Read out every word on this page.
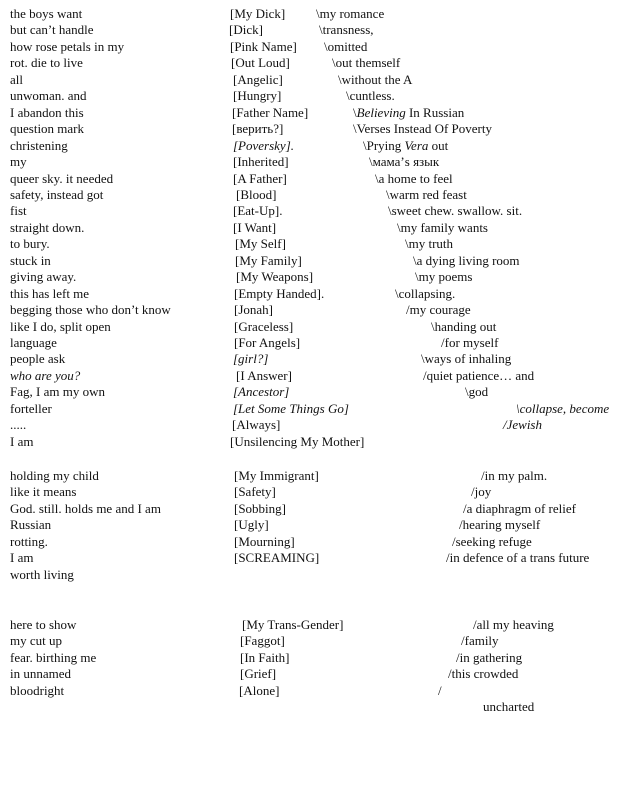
the boys want	[My Dick] \my romance
but can’t handle	[Dick]	\transness,
how rose petals in my	[Pink Name] \omitted
rot. die to live	[Out Loud]	\out themself
all	[Angelic]	\without the A
unwoman. and	[Hungry]	\cuntless.
I abandon this	[Father Name]	\Believing In Russian
question mark	[верить?]	\Verses Instead Of Poverty
christening	[Poversky].	\Prying Vera out
my	[Inherited]	\мама’s язык
queer sky. it needed	[A Father]	\a home to feel
safety, instead got	[Blood]	\warm red feast
fist	[Eat-Up].	\sweet chew. swallow. sit.
straight down.	[I Want]	\my family wants
to bury.	[My Self]	\my truth
stuck in	[My Family]	\a dying living room
giving away.	[My Weapons]	\my poems
this has left me	[Empty Handed].	\collapsing.
begging those who don’t know	[Jonah]	/my courage
like I do, split open	[Graceless]	\handing out
language	[For Angels]	/for myself
people ask	[girl?]	\ways of inhaling
who are you?	[I Answer]	/quiet patience… and
Fag, I am my own	[Ancestor]	\god
forteller	[Let Some Things Go]	\collapse, become
.....	[Always]	/Jewish
I am	[Unsilencing My Mother]
holding my child	[My Immigrant]	/in my palm.
like it means	[Safety]	/joy
God. still. holds me and I am	[Sobbing]	/a diaphragm of relief
Russian	[Ugly]	/hearing myself
rotting.	[Mourning]	/seeking refuge
I am	[SCREAMING]	/in defence of a trans future
worth living
here to show	[My Trans-Gender]	/all my heaving
my cut up	[Faggot]	/family
fear. birthing me	[In Faith]	/in gathering
in unnamed	[Grief]	/this crowded
bloodright	[Alone]	/
uncharted
